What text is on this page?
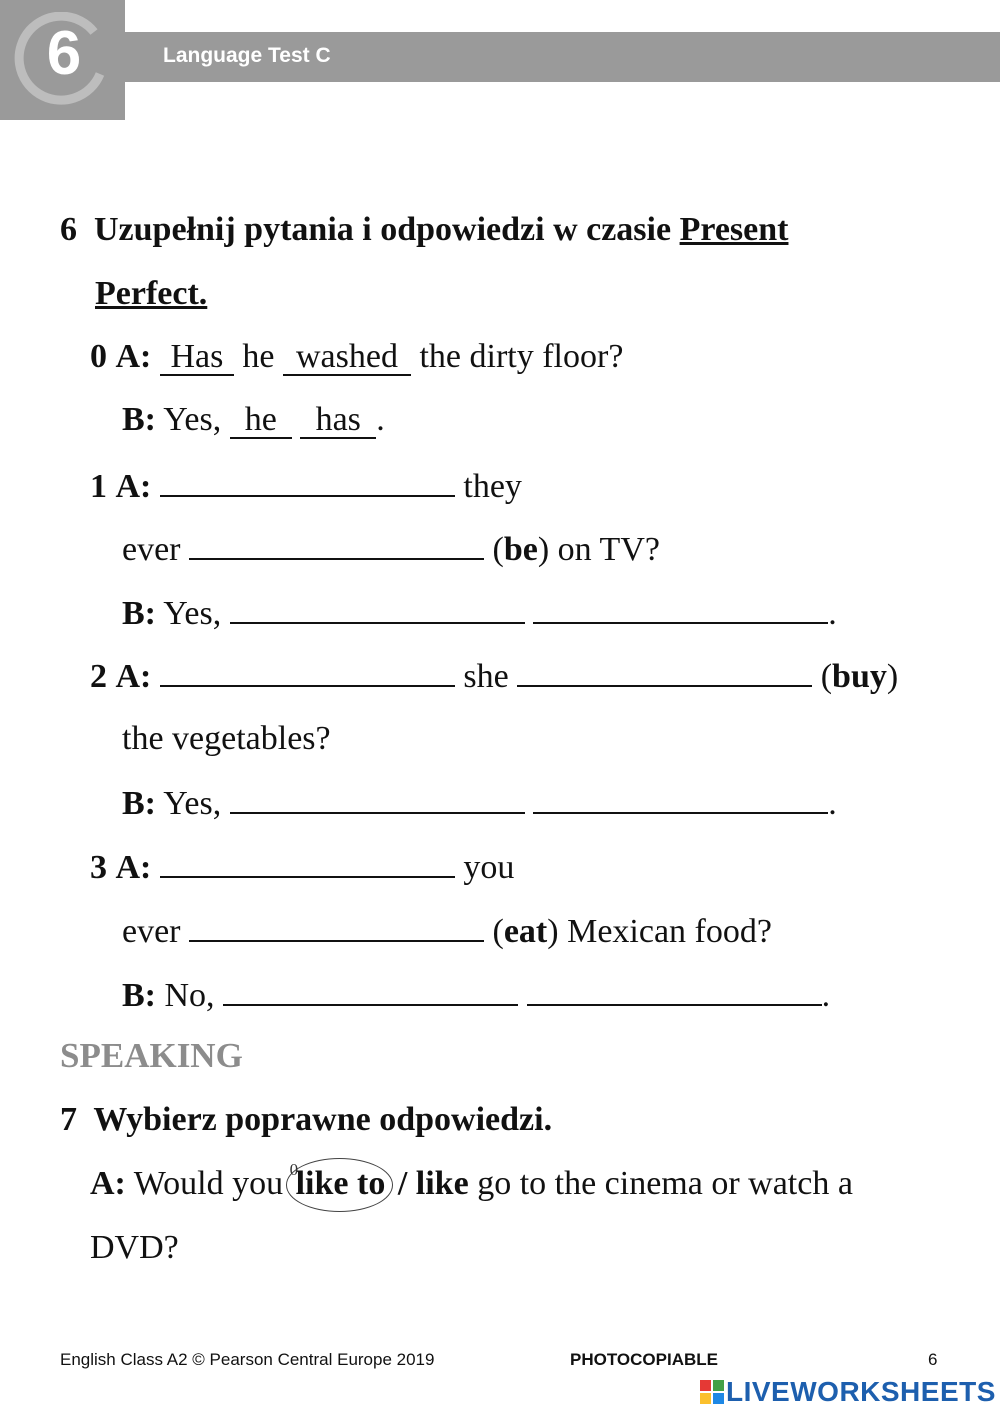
Language Test C
6
6 Uzupełnij pytania i odpowiedzi w czasie Present
Perfect.
0 A: Has he washed the dirty floor?
B: Yes, he has .
1 A:	they
ever	(be) on TV?
B: Yes,	.
2 A:	she	(buy)
the vegetables?
B: Yes,	.
3 A:	you
ever	(eat) Mexican food?
B: No,	.
SPEAKING
7 Wybierz poprawne odpowiedzi.
A: Would you 0
like to / like go to the cinema or watch a
DVD?
English Class A2 © Pearson Central Europe 2019	PHOTOCOPIABLE	6
LIVEWORKSHEETS
